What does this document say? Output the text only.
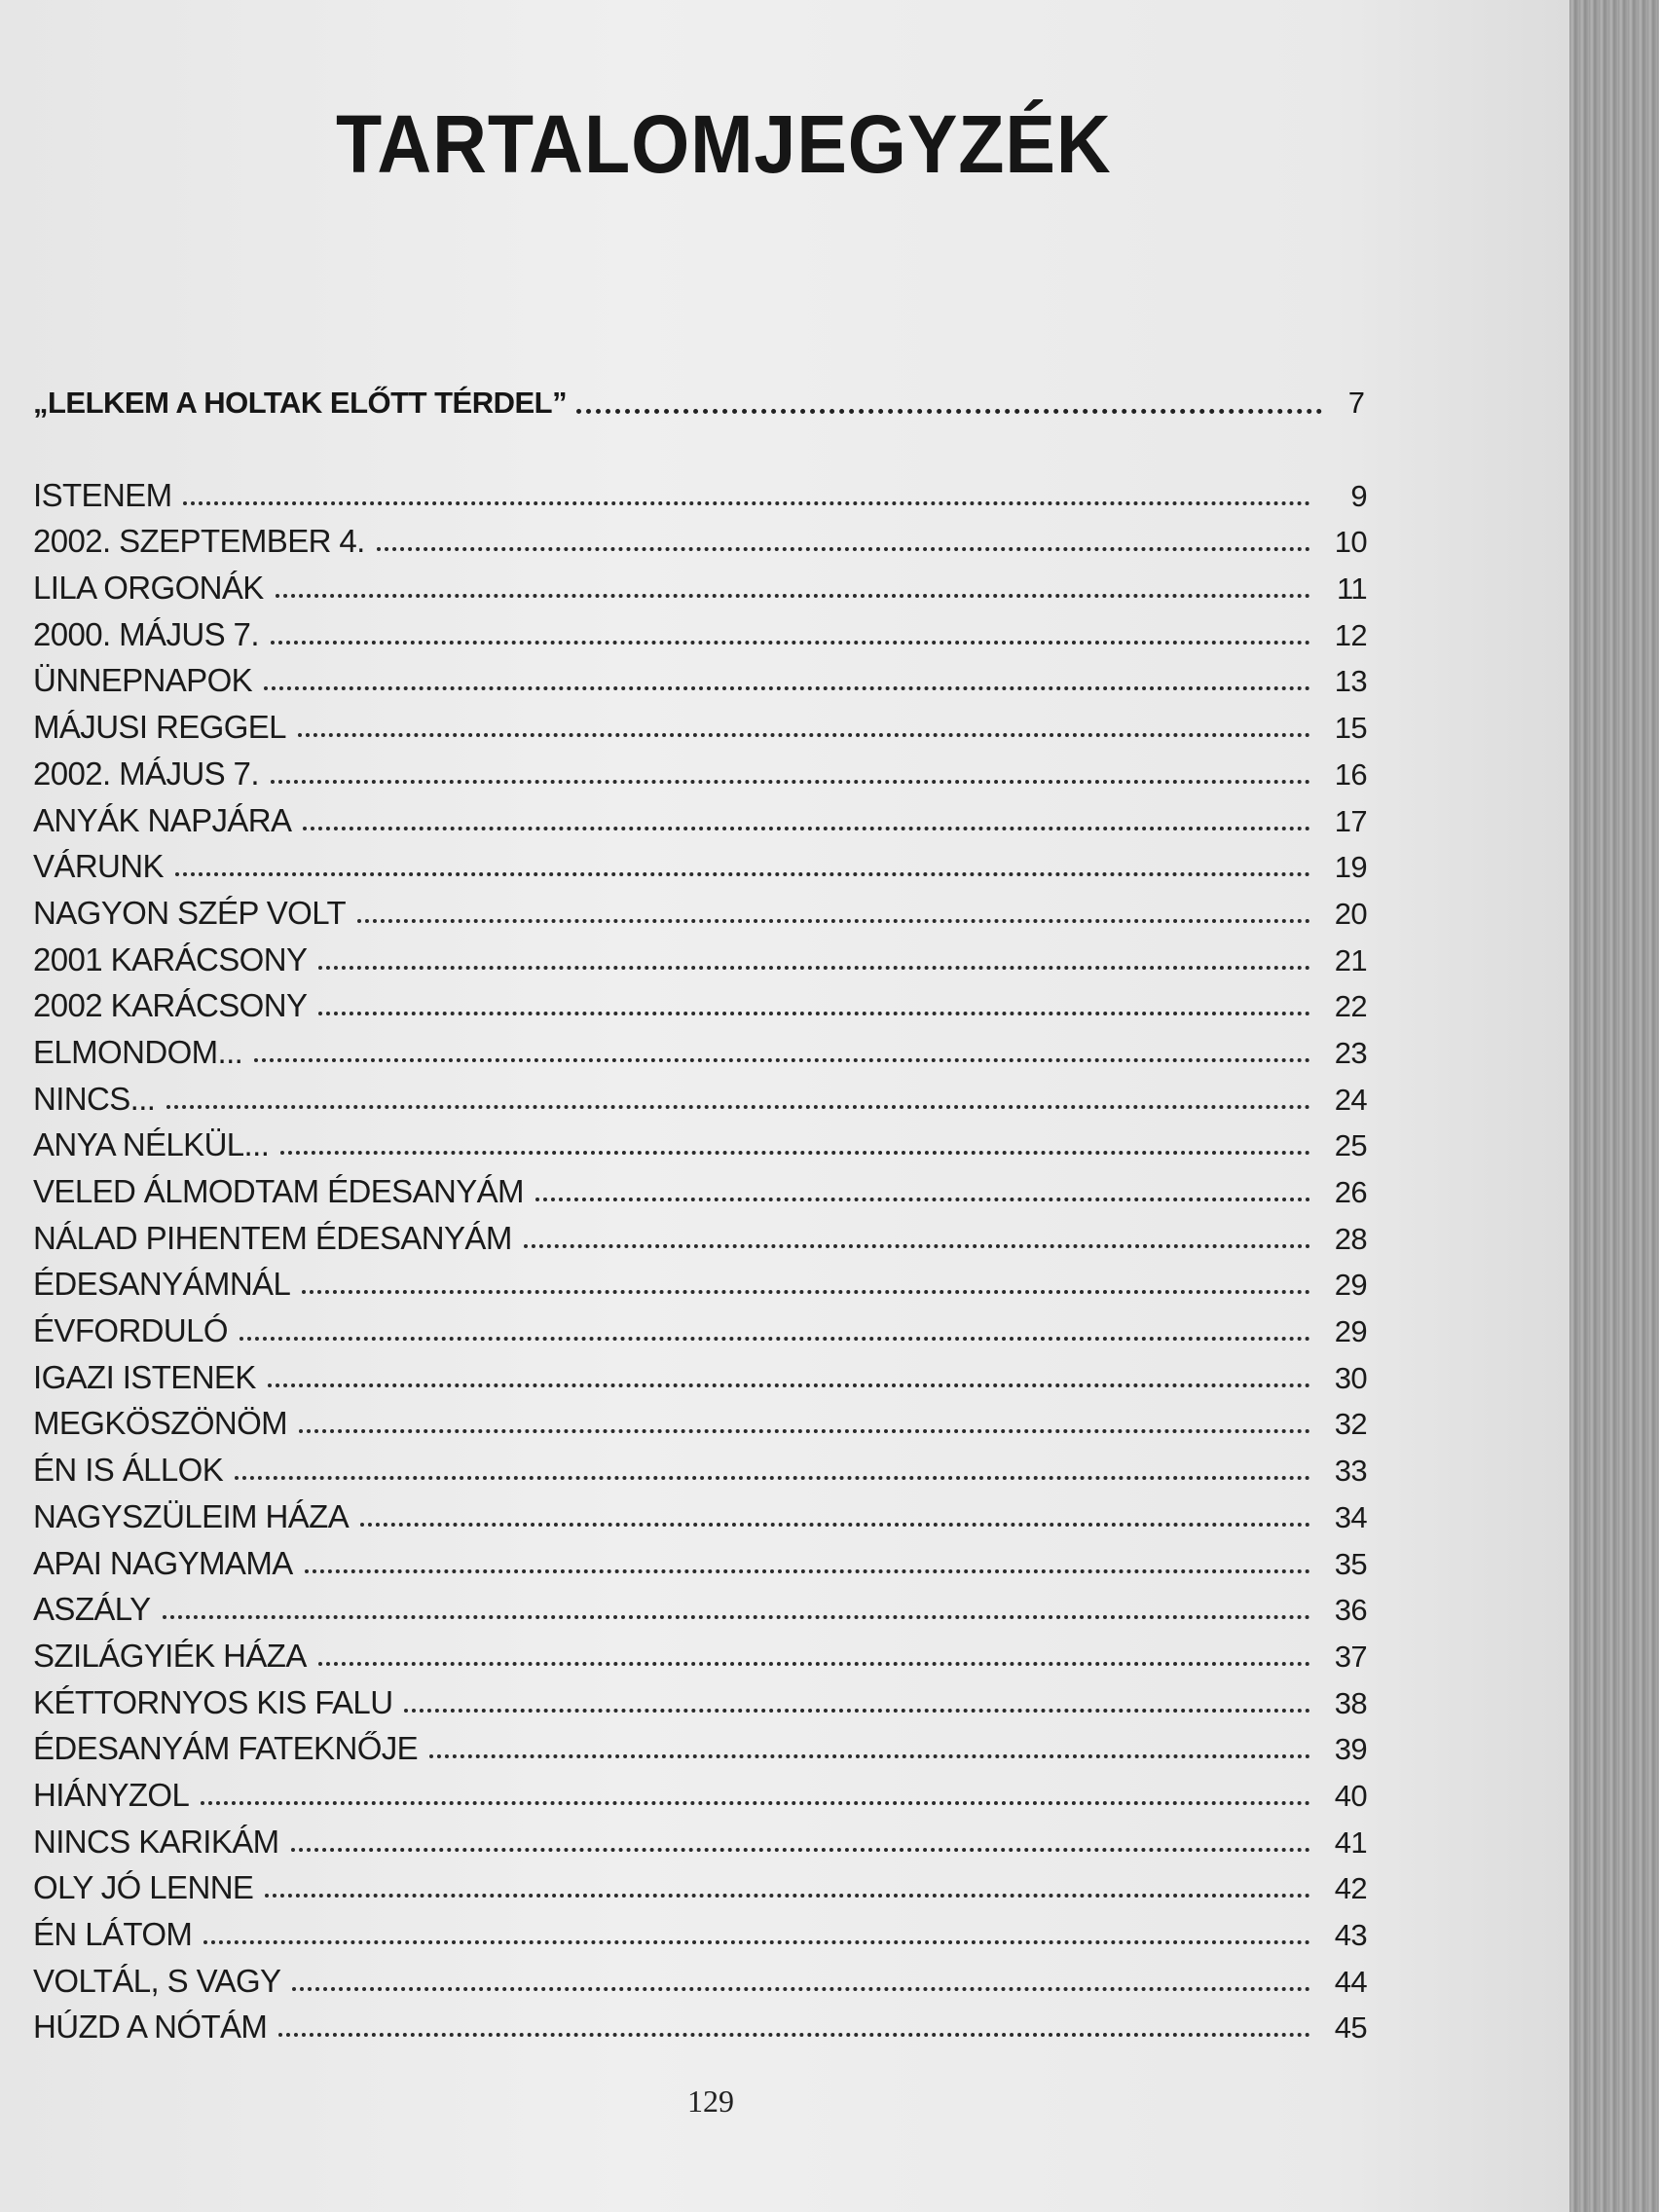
TARTALOMJEGYZÉK
„LELKEM A HOLTAK ELŐTT TÉRDEL”	7
ISTENEM	9
2002. SZEPTEMBER 4.	10
LILA ORGONÁK	11
2000. MÁJUS 7.	12
ÜNNEPNAPOK	13
MÁJUSI REGGEL	15
2002. MÁJUS 7.	16
ANYÁK NAPJÁRA	17
VÁRUNK	19
NAGYON SZÉP VOLT	20
2001 KARÁCSONY	21
2002 KARÁCSONY	22
ELMONDOM...	23
NINCS...	24
ANYA NÉLKÜL...	25
VELED ÁLMODTAM ÉDESANYÁM	26
NÁLAD PIHENTEM ÉDESANYÁM	28
ÉDESANYÁMNÁL	29
ÉVFORDULÓ	29
IGAZI ISTENEK	30
MEGKÖSZÖNÖM	32
ÉN IS ÁLLOK	33
NAGYSZÜLEIM HÁZA	34
APAI NAGYMAMA	35
ASZÁLY	36
SZILÁGYIÉK HÁZA	37
KÉTTORNYOS KIS FALU	38
ÉDESANYÁM FATEKNŐJE	39
HIÁNYZOL	40
NINCS KARIKÁM	41
OLY JÓ LENNE	42
ÉN LÁTOM	43
VOLTÁL, S VAGY	44
HÚZD A NÓTÁM	45
129
